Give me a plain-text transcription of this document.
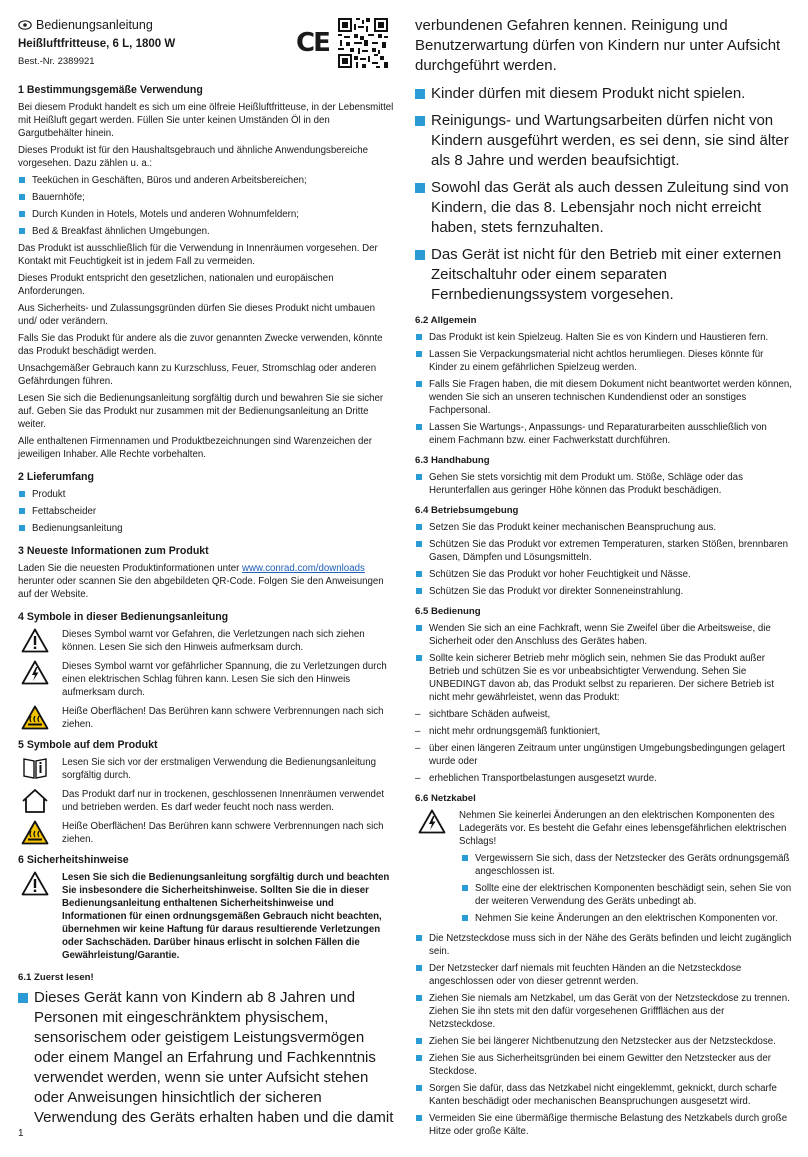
Bedienungsanleitung
Heißluftfritteuse, 6 L, 1800 W
Best.-Nr. 2389921
CE
1 Bestimmungsgemäße Verwendung
Bei diesem Produkt handelt es sich um eine ölfreie Heißluftfritteuse, in der Lebensmittel mit Heißluft gegart werden. Füllen Sie unter keinen Umständen Öl in den Gargutbehälter hinein.
Dieses Produkt ist für den Haushaltsgebrauch und ähnliche Anwendungsbereiche vorgesehen. Dazu zählen u. a.:
Teeküchen in Geschäften, Büros und anderen Arbeitsbereichen;
Bauernhöfe;
Durch Kunden in Hotels, Motels und anderen Wohnumfeldern;
Bed & Breakfast ähnlichen Umgebungen.
Das Produkt ist ausschließlich für die Verwendung in Innenräumen vorgesehen. Der Kontakt mit Feuchtigkeit ist in jedem Fall zu vermeiden.
Dieses Produkt entspricht den gesetzlichen, nationalen und europäischen Anforderungen.
Aus Sicherheits- und Zulassungsgründen dürfen Sie dieses Produkt nicht umbauen und/ oder verändern.
Falls Sie das Produkt für andere als die zuvor genannten Zwecke verwenden, könnte das Produkt beschädigt werden.
Unsachgemäßer Gebrauch kann zu Kurzschluss, Feuer, Stromschlag oder anderen Gefährdungen führen.
Lesen Sie sich die Bedienungsanleitung sorgfältig durch und bewahren Sie sie sicher auf. Geben Sie das Produkt nur zusammen mit der Bedienungsanleitung an Dritte weiter.
Alle enthaltenen Firmennamen und Produktbezeichnungen sind Warenzeichen der jeweiligen Inhaber. Alle Rechte vorbehalten.
2 Lieferumfang
Produkt
Fettabscheider
Bedienungsanleitung
3 Neueste Informationen zum Produkt
Laden Sie die neuesten Produktinformationen unter www.conrad.com/downloads herunter oder scannen Sie den abgebildeten QR-Code. Folgen Sie den Anweisungen auf der Website.
4 Symbole in dieser Bedienungsanleitung
Dieses Symbol warnt vor Gefahren, die Verletzungen nach sich ziehen können. Lesen Sie sich den Hinweis aufmerksam durch.
Dieses Symbol warnt vor gefährlicher Spannung, die zu Verletzungen durch einen elektrischen Schlag führen kann. Lesen Sie sich den Hinweis aufmerksam durch.
Heiße Oberflächen! Das Berühren kann schwere Verbrennungen nach sich ziehen.
5 Symbole auf dem Produkt
Lesen Sie sich vor der erstmaligen Verwendung die Bedienungsanleitung sorgfältig durch.
Das Produkt darf nur in trockenen, geschlossenen Innenräumen verwendet und betrieben werden. Es darf weder feucht noch nass werden.
Heiße Oberflächen! Das Berühren kann schwere Verbrennungen nach sich ziehen.
6 Sicherheitshinweise
Lesen Sie sich die Bedienungsanleitung sorgfältig durch und beachten Sie insbesondere die Sicherheitshinweise. Sollten Sie die in dieser Bedienungsanleitung enthaltenen Sicherheitshinweise und Informationen für einen ordnungsgemäßen Gebrauch nicht beachten, übernehmen wir keine Haftung für daraus resultierende Verletzungen oder Sachschäden. Darüber hinaus erlischt in solchen Fällen die Gewährleistung/Garantie.
6.1 Zuerst lesen!
Dieses Gerät kann von Kindern ab 8 Jahren und Personen mit eingeschränktem physischem, sensorischem oder geistigem Leistungsvermögen oder einem Mangel an Erfahrung und Fachkenntnis verwendet werden, wenn sie unter Aufsicht stehen oder Anweisungen hinsichtlich der sicheren Verwendung des Geräts erhalten haben und die damit
verbundenen Gefahren kennen. Reinigung und Benutzerwartung dürfen von Kindern nur unter Aufsicht durchgeführt werden.
Kinder dürfen mit diesem Produkt nicht spielen.
Reinigungs- und Wartungsarbeiten dürfen nicht von Kindern ausgeführt werden, es sei denn, sie sind älter als 8 Jahre und werden beaufsichtigt.
Sowohl das Gerät als auch dessen Zuleitung sind von Kindern, die das 8. Lebensjahr noch nicht erreicht haben, stets fernzuhalten.
Das Gerät ist nicht für den Betrieb mit einer externen Zeitschaltuhr oder einem separaten Fernbedienungssystem vorgesehen.
6.2 Allgemein
Das Produkt ist kein Spielzeug. Halten Sie es von Kindern und Haustieren fern.
Lassen Sie Verpackungsmaterial nicht achtlos herumliegen. Dieses könnte für Kinder zu einem gefährlichen Spielzeug werden.
Falls Sie Fragen haben, die mit diesem Dokument nicht beantwortet werden können, wenden Sie sich an unseren technischen Kundendienst oder an sonstiges Fachpersonal.
Lassen Sie Wartungs-, Anpassungs- und Reparaturarbeiten ausschließlich von einem Fachmann bzw. einer Fachwerkstatt durchführen.
6.3 Handhabung
Gehen Sie stets vorsichtig mit dem Produkt um. Stöße, Schläge oder das Herunterfallen aus geringer Höhe können das Produkt beschädigen.
6.4 Betriebsumgebung
Setzen Sie das Produkt keiner mechanischen Beanspruchung aus.
Schützen Sie das Produkt vor extremen Temperaturen, starken Stößen, brennbaren Gasen, Dämpfen und Lösungsmitteln.
Schützen Sie das Produkt vor hoher Feuchtigkeit und Nässe.
Schützen Sie das Produkt vor direkter Sonneneinstrahlung.
6.5 Bedienung
Wenden Sie sich an eine Fachkraft, wenn Sie Zweifel über die Arbeitsweise, die Sicherheit oder den Anschluss des Gerätes haben.
Sollte kein sicherer Betrieb mehr möglich sein, nehmen Sie das Produkt außer Betrieb und schützen Sie es vor unbeabsichtigter Verwendung. Sehen Sie UNBEDINGT davon ab, das Produkt selbst zu reparieren. Der sichere Betrieb ist nicht mehr gewährleistet, wenn das Produkt:
– sichtbare Schäden aufweist,
– nicht mehr ordnungsgemäß funktioniert,
– über einen längeren Zeitraum unter ungünstigen Umgebungsbedingungen gelagert wurde oder
– erheblichen Transportbelastungen ausgesetzt wurde.
6.6 Netzkabel
Nehmen Sie keinerlei Änderungen an den elektrischen Komponenten des Ladegeräts vor. Es besteht die Gefahr eines lebensgefährlichen elektrischen Schlags!
Vergewissern Sie sich, dass der Netzstecker des Geräts ordnungsgemäß angeschlossen ist.
Sollte eine der elektrischen Komponenten beschädigt sein, sehen Sie von der weiteren Verwendung des Geräts unbedingt ab.
Nehmen Sie keine Änderungen an den elektrischen Komponenten vor.
Die Netzsteckdose muss sich in der Nähe des Geräts befinden und leicht zugänglich sein.
Der Netzstecker darf niemals mit feuchten Händen an die Netzsteckdose angeschlossen oder von dieser getrennt werden.
Ziehen Sie niemals am Netzkabel, um das Gerät von der Netzsteckdose zu trennen. Ziehen Sie ihn stets mit den dafür vorgesehenen Griffflächen aus der Netzsteckdose.
Ziehen Sie bei längerer Nichtbenutzung den Netzstecker aus der Netzsteckdose.
Ziehen Sie aus Sicherheitsgründen bei einem Gewitter den Netzstecker aus der Steckdose.
Sorgen Sie dafür, dass das Netzkabel nicht eingeklemmt, geknickt, durch scharfe Kanten beschädigt oder mechanischen Beanspruchungen ausgesetzt wird.
Vermeiden Sie eine übermäßige thermische Belastung des Netzkabels durch große Hitze oder große Kälte.
1
